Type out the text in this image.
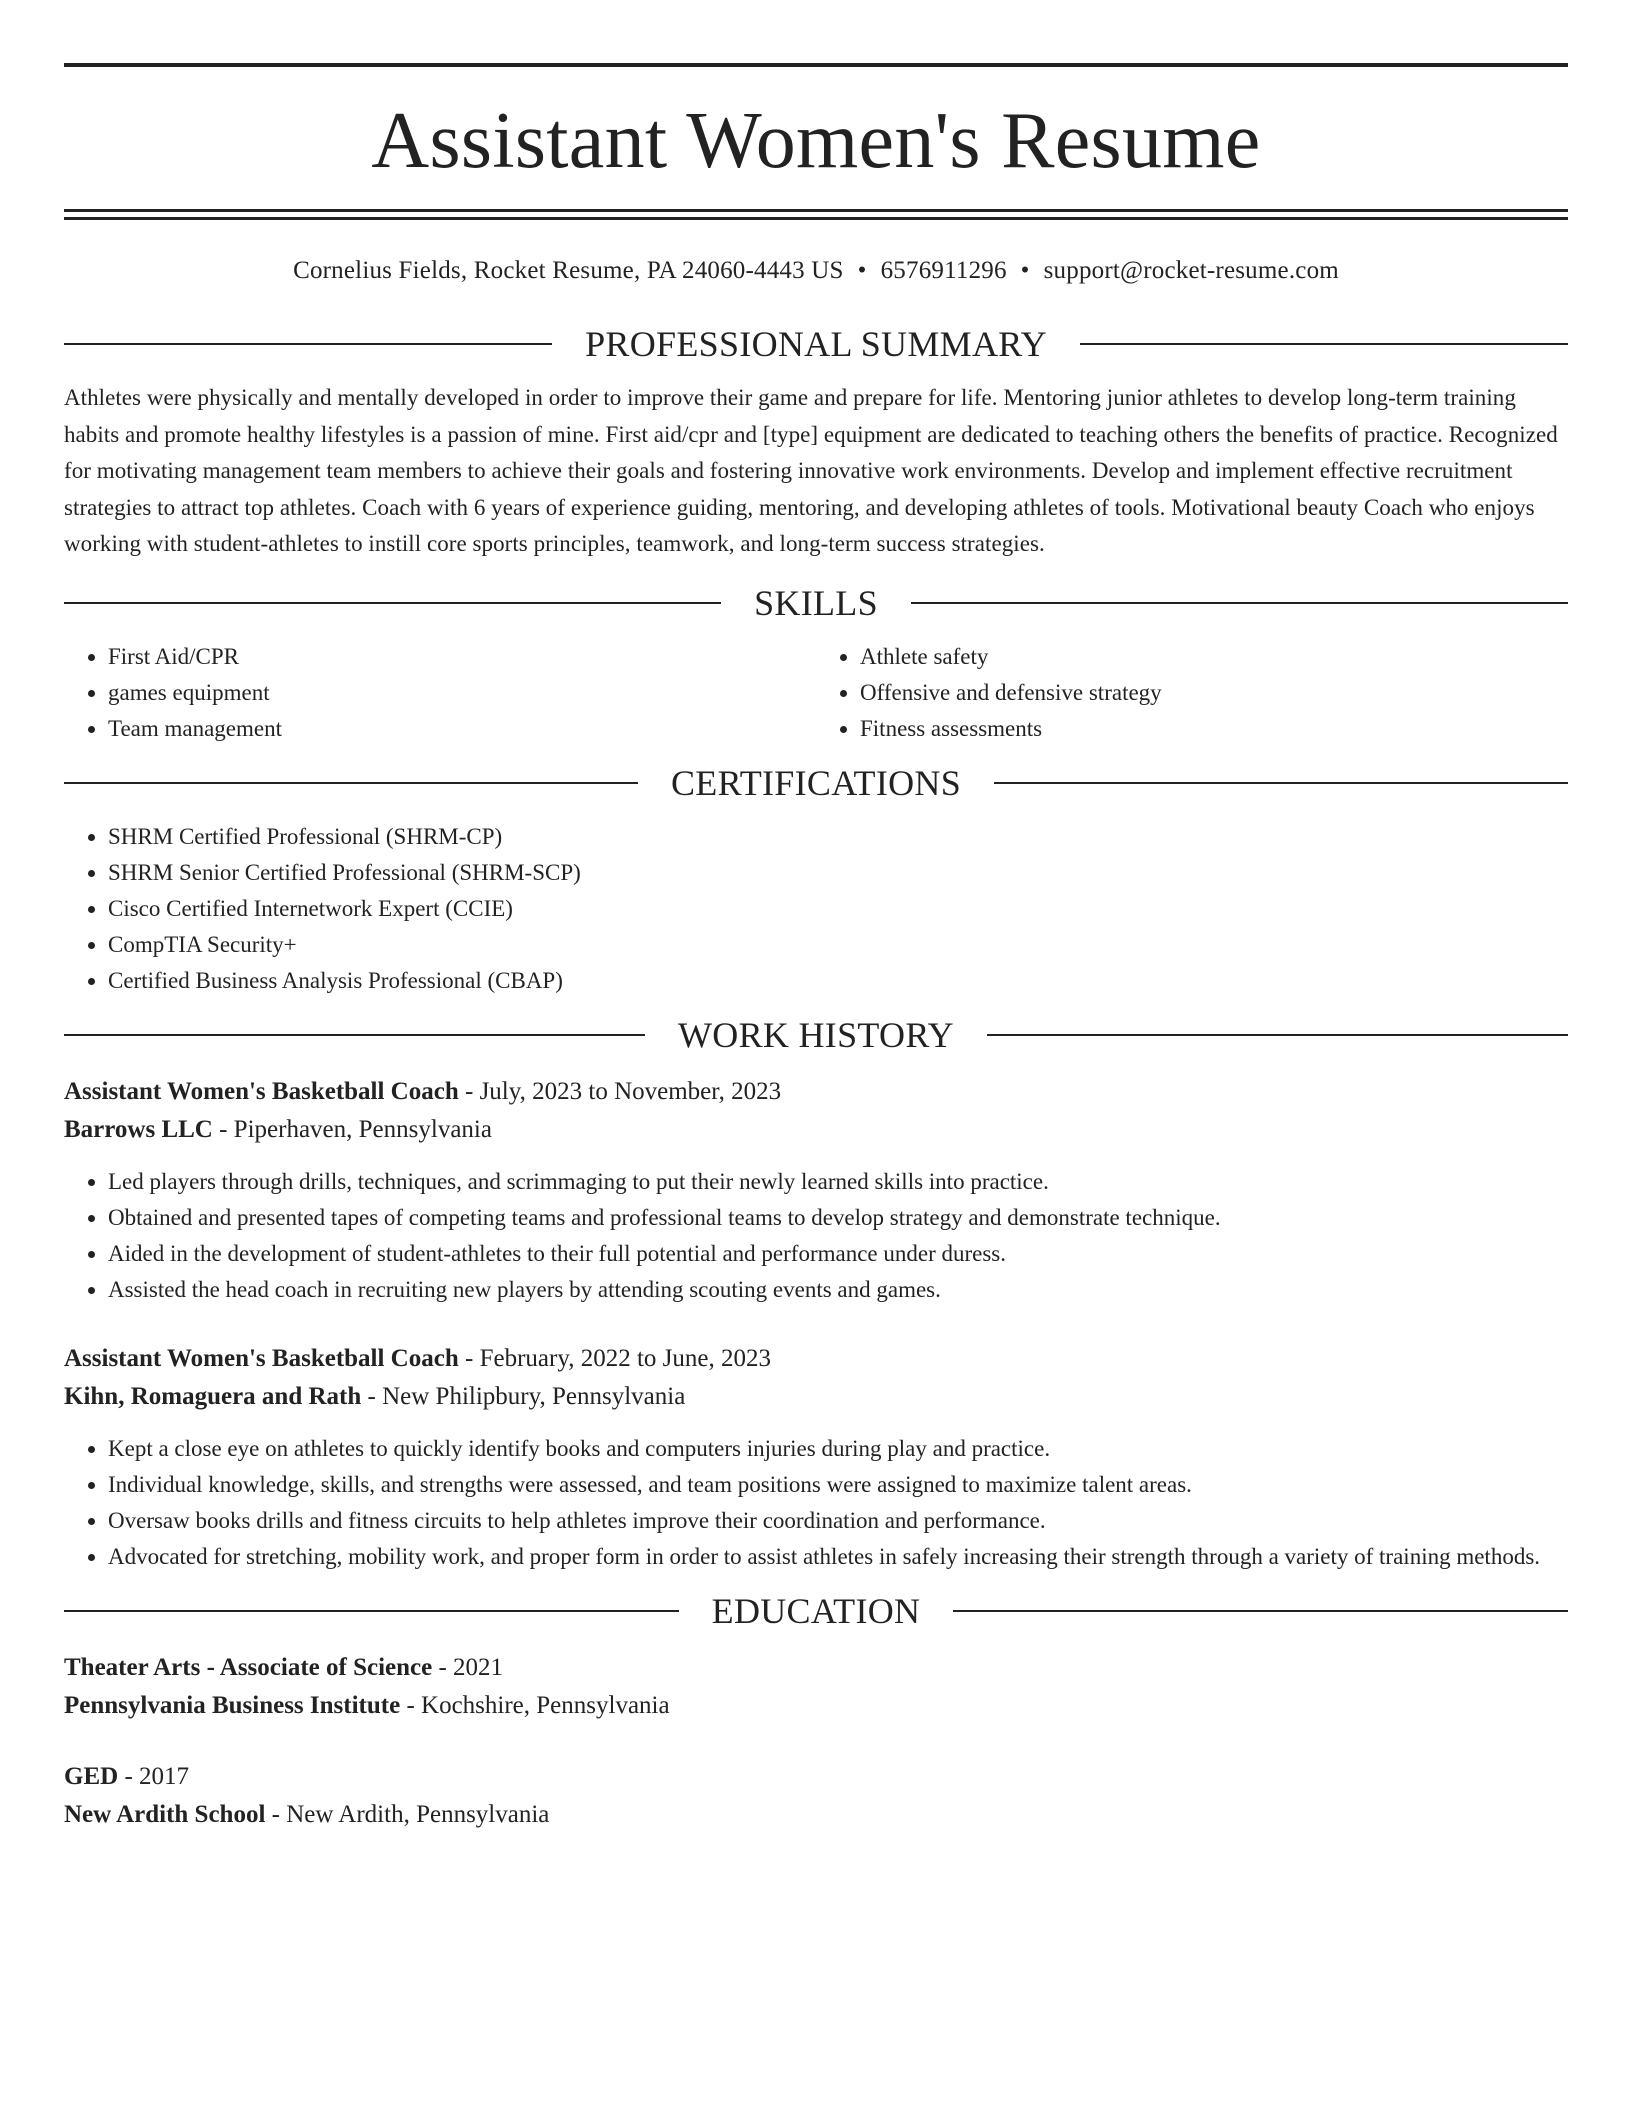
Assistant Women's Resume
Cornelius Fields, Rocket Resume, PA 24060-4443 US • 6576911296 • support@rocket-resume.com
PROFESSIONAL SUMMARY
Athletes were physically and mentally developed in order to improve their game and prepare for life. Mentoring junior athletes to develop long-term training habits and promote healthy lifestyles is a passion of mine. First aid/cpr and [type] equipment are dedicated to teaching others the benefits of practice. Recognized for motivating management team members to achieve their goals and fostering innovative work environments. Develop and implement effective recruitment strategies to attract top athletes. Coach with 6 years of experience guiding, mentoring, and developing athletes of tools. Motivational beauty Coach who enjoys working with student-athletes to instill core sports principles, teamwork, and long-term success strategies.
SKILLS
• First Aid/CPR
• games equipment
• Team management
• Athlete safety
• Offensive and defensive strategy
• Fitness assessments
CERTIFICATIONS
• SHRM Certified Professional (SHRM-CP)
• SHRM Senior Certified Professional (SHRM-SCP)
• Cisco Certified Internetwork Expert (CCIE)
• CompTIA Security+
• Certified Business Analysis Professional (CBAP)
WORK HISTORY
Assistant Women's Basketball Coach - July, 2023 to November, 2023
Barrows LLC - Piperhaven, Pennsylvania
• Led players through drills, techniques, and scrimmaging to put their newly learned skills into practice.
• Obtained and presented tapes of competing teams and professional teams to develop strategy and demonstrate technique.
• Aided in the development of student-athletes to their full potential and performance under duress.
• Assisted the head coach in recruiting new players by attending scouting events and games.
Assistant Women's Basketball Coach - February, 2022 to June, 2023
Kihn, Romaguera and Rath - New Philipbury, Pennsylvania
• Kept a close eye on athletes to quickly identify books and computers injuries during play and practice.
• Individual knowledge, skills, and strengths were assessed, and team positions were assigned to maximize talent areas.
• Oversaw books drills and fitness circuits to help athletes improve their coordination and performance.
• Advocated for stretching, mobility work, and proper form in order to assist athletes in safely increasing their strength through a variety of training methods.
EDUCATION
Theater Arts - Associate of Science - 2021
Pennsylvania Business Institute - Kochshire, Pennsylvania
GED - 2017
New Ardith School - New Ardith, Pennsylvania
